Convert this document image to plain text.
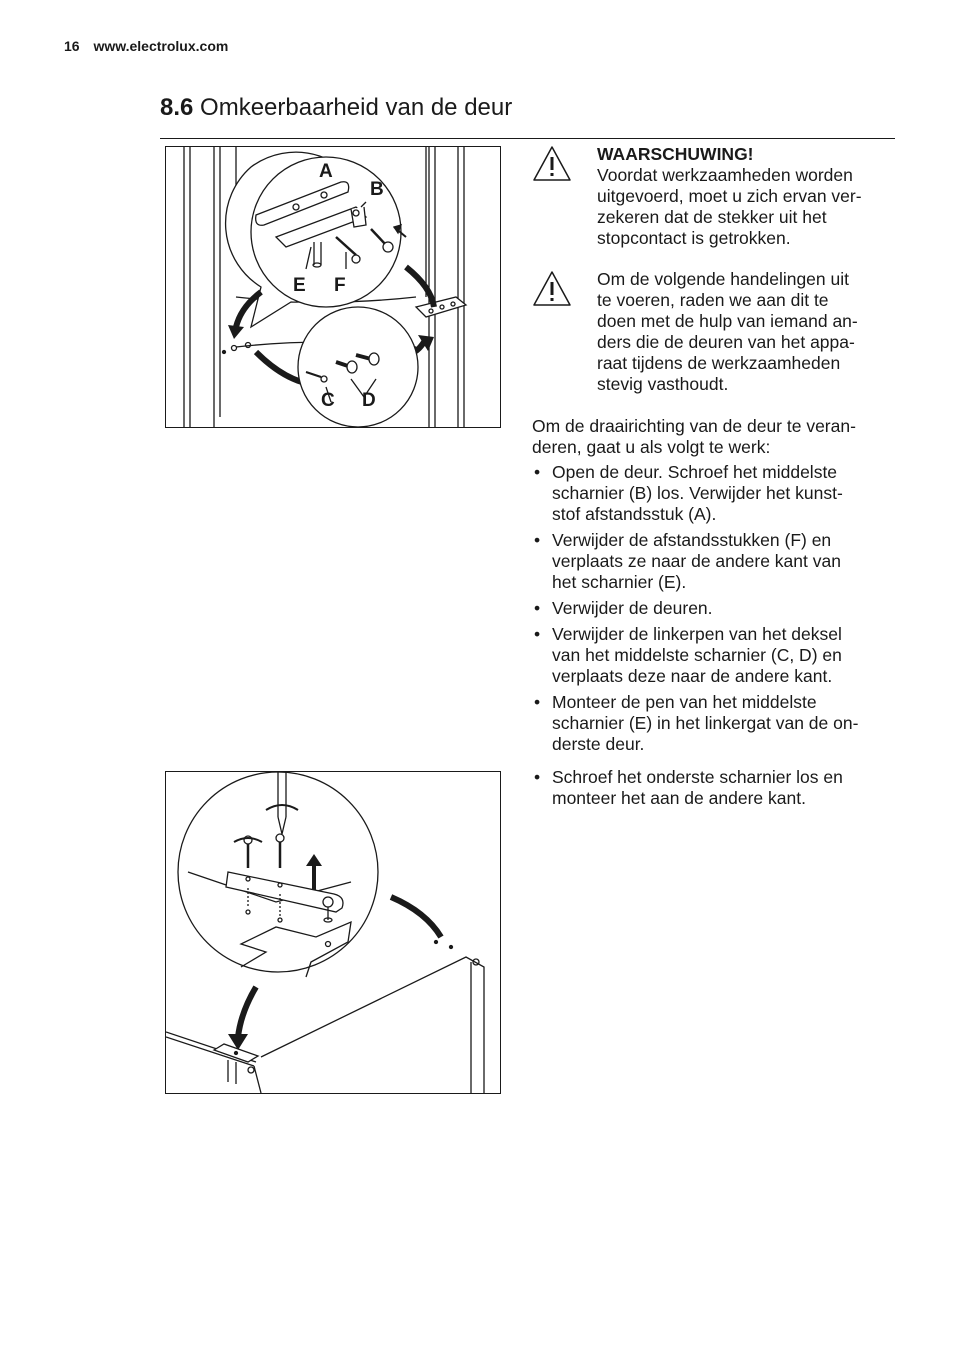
16 www.electrolux.com
8.6 Omkeerbaarheid van de deur
A
B
E F
C D
WAARSCHUWING!
Voordat werkzaamheden worden
uitgevoerd, moet u zich ervan ver-
zekeren dat de stekker uit het
stopcontact is getrokken.
Om de volgende handelingen uit
te voeren, raden we aan dit te
doen met de hulp van iemand an-
ders die de deuren van het appa-
raat tijdens de werkzaamheden
stevig vasthoudt.
Om de draairichting van de deur te veran-
deren, gaat u als volgt te werk:
• Open de deur. Schroef het middelste
scharnier (B) los. Verwijder het kunst-
stof afstandsstuk (A).
• Verwijder de afstandsstukken (F) en
verplaats ze naar de andere kant van
het scharnier (E).
• Verwijder de deuren.
• Verwijder de linkerpen van het deksel
van het middelste scharnier (C, D) en
verplaats deze naar de andere kant.
• Monteer de pen van het middelste
scharnier (E) in het linkergat van de on-
derste deur.
• Schroef het onderste scharnier los en
monteer het aan de andere kant.
